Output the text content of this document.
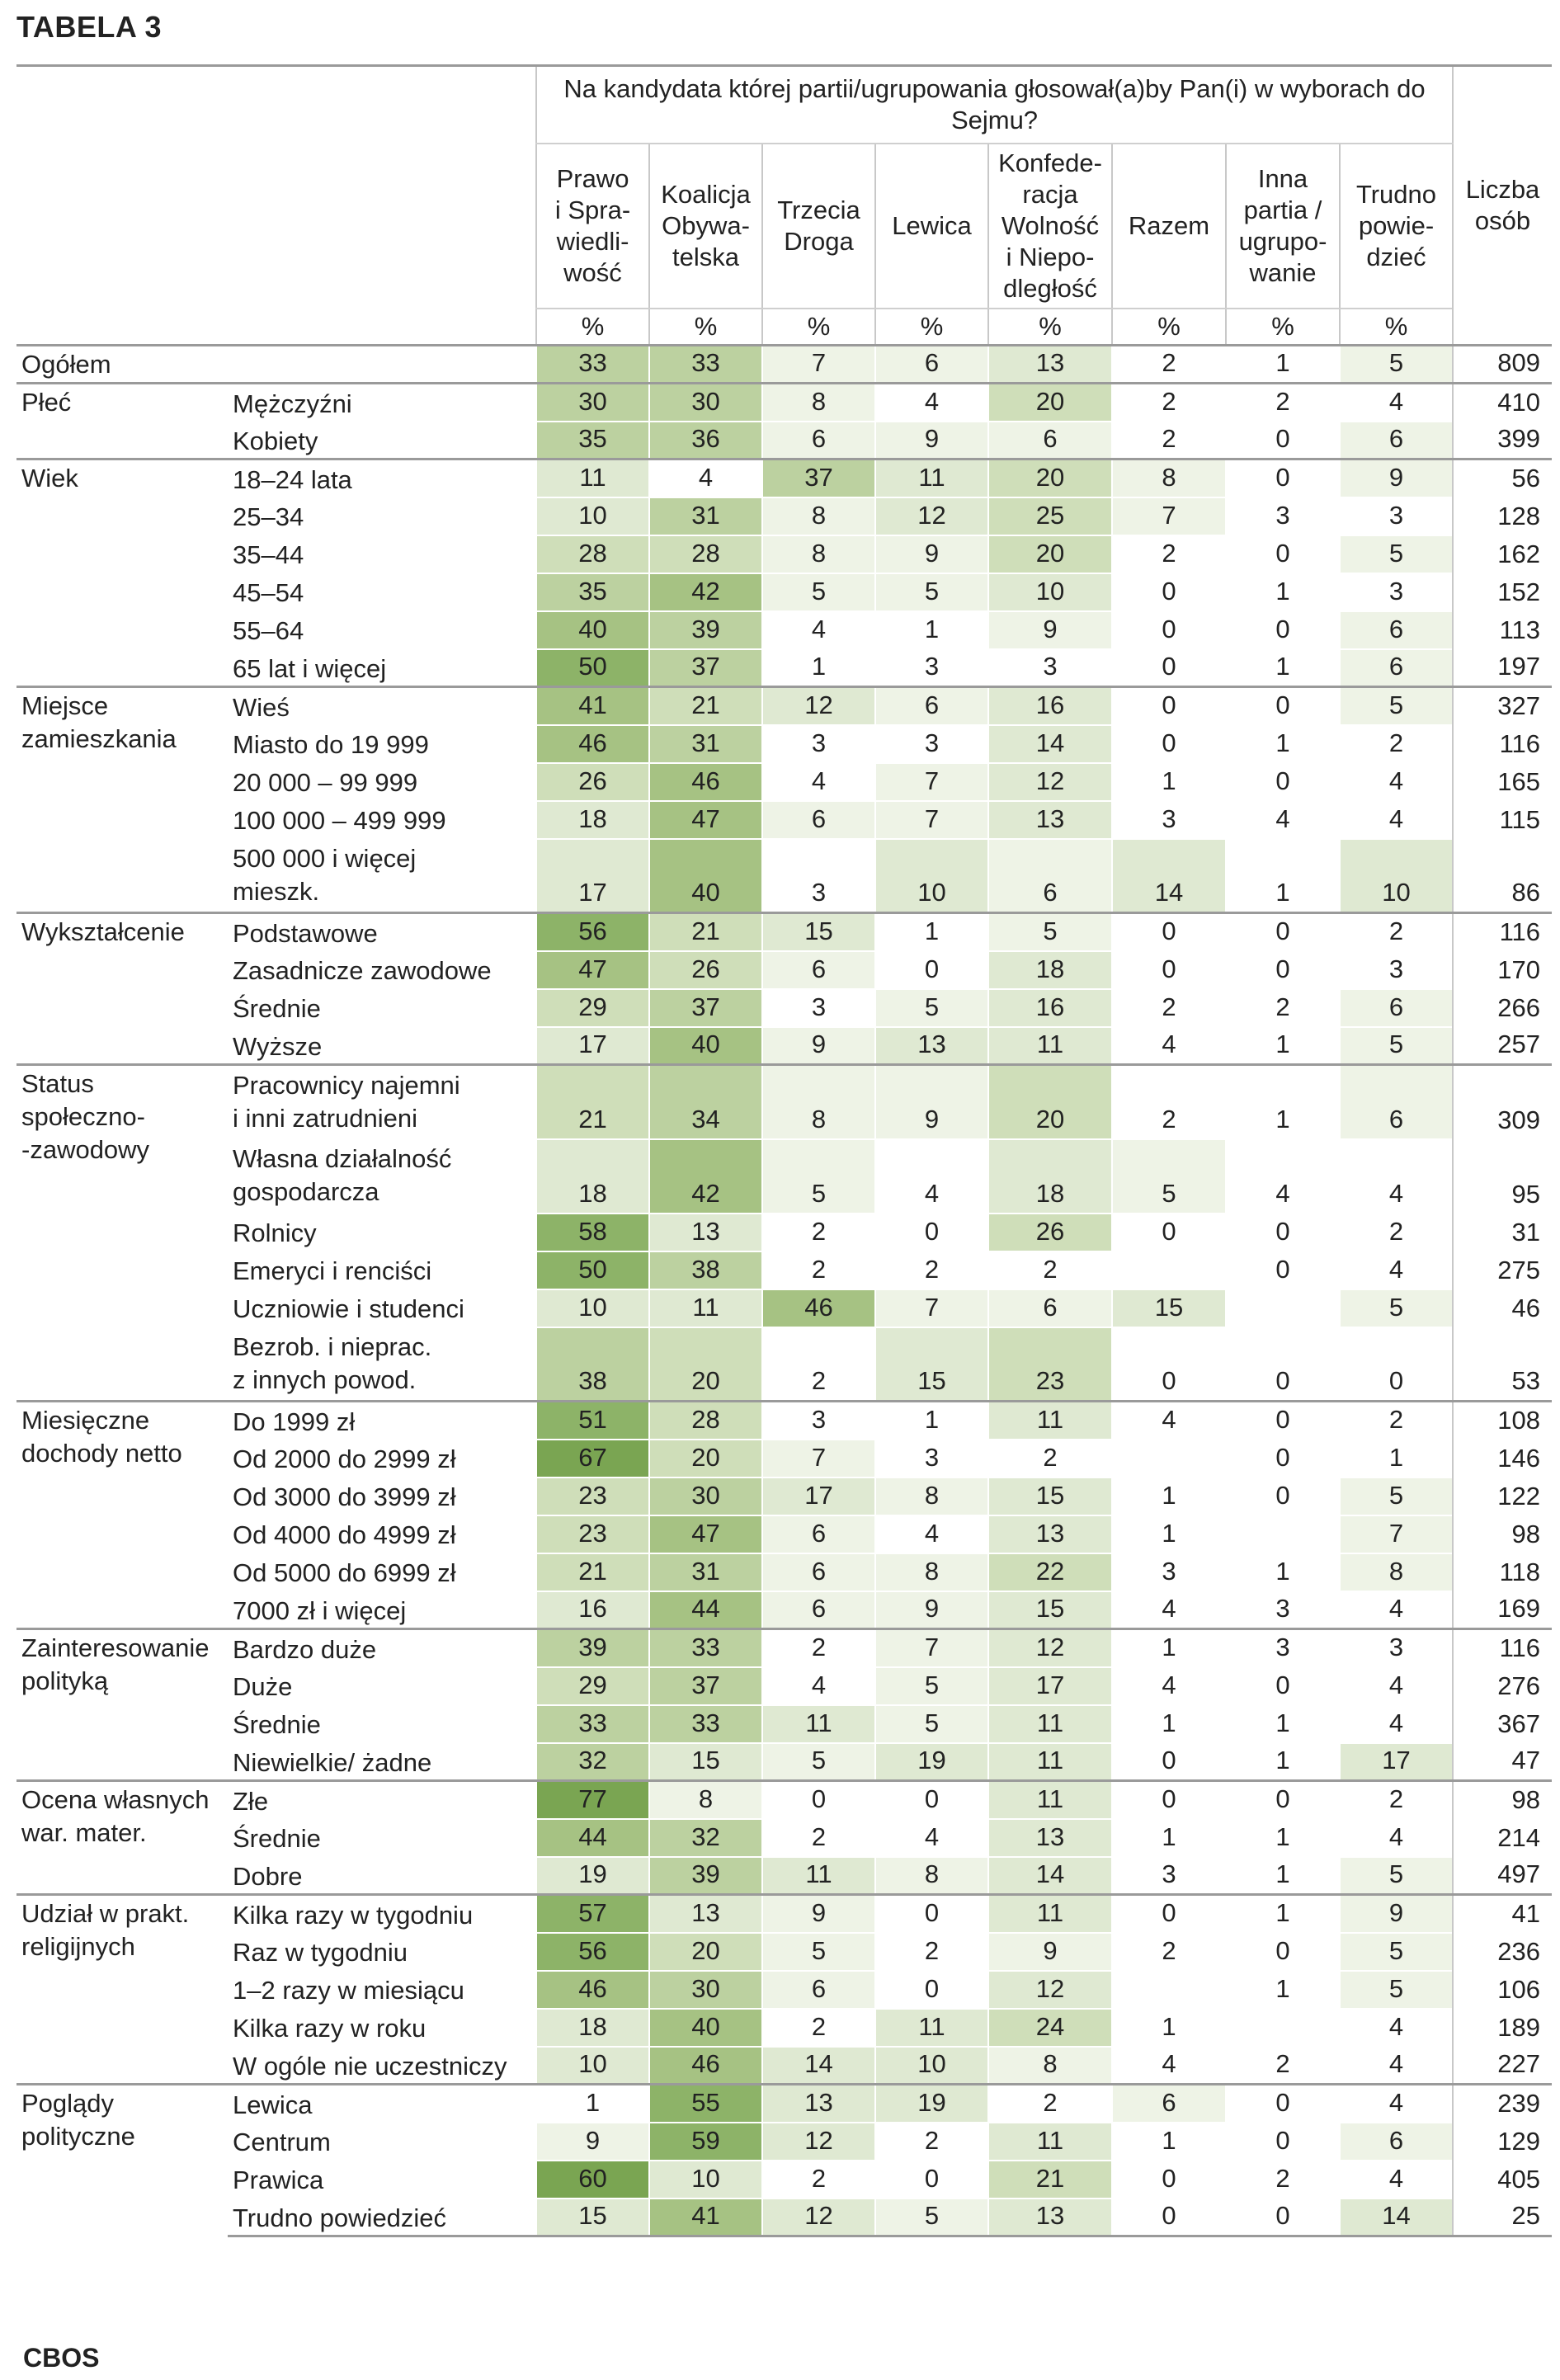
TABELA 3
		Na kandydata której partii/ugrupowania głosował(a)by Pan(i) w wyborach do Sejmu?								Liczba
osób
		Prawo
i Spra-
wiedli-
wość	Koalicja
Obywa-
telska	Trzecia
Droga	Lewica	Konfede-
racja
Wolność
i Niepo-
dległość	Razem	Inna
partia /
ugrupo-
wanie	Trudno
powie-
dzieć	
		%	%	%	%	%	%	%	%	
Ogółem		33	33	7	6	13	2	1	5	809
Płeć	Mężczyźni	30	30	8	4	20	2	2	4	410
	Kobiety	35	36	6	9	6	2	0	6	399
Wiek	18–24 lata	11	4	37	11	20	8	0	9	56
	25–34	10	31	8	12	25	7	3	3	128
	35–44	28	28	8	9	20	2	0	5	162
	45–54	35	42	5	5	10	0	1	3	152
	55–64	40	39	4	1	9	0	0	6	113
	65 lat i więcej	50	37	1	3	3	0	1	6	197
Miejsce
zamieszkania	Wieś	41	21	12	6	16	0	0	5	327
	Miasto do 19 999	46	31	3	3	14	0	1	2	116
	20 000 – 99 999	26	46	4	7	12	1	0	4	165
	100 000 – 499 999	18	47	6	7	13	3	4	4	115
	500 000 i więcej
mieszk.	17	40	3	10	6	14	1	10	86
Wykształcenie	Podstawowe	56	21	15	1	5	0	0	2	116
	Zasadnicze zawodowe	47	26	6	0	18	0	0	3	170
	Średnie	29	37	3	5	16	2	2	6	266
	Wyższe	17	40	9	13	11	4	1	5	257
Status
społeczno-
-zawodowy	Pracownicy najemni
i inni zatrudnieni	21	34	8	9	20	2	1	6	309
	Własna działalność
gospodarcza	18	42	5	4	18	5	4	4	95
	Rolnicy	58	13	2	0	26	0	0	2	31
	Emeryci i renciści	50	38	2	2	2		0	4	275
	Uczniowie i studenci	10	11	46	7	6	15		5	46
	Bezrob. i nieprac.
z innych powod.	38	20	2	15	23	0	0	0	53
Miesięczne
dochody netto	Do 1999 zł	51	28	3	1	11	4	0	2	108
	Od 2000 do 2999 zł	67	20	7	3	2		0	1	146
	Od 3000 do 3999 zł	23	30	17	8	15	1	0	5	122
	Od 4000 do 4999 zł	23	47	6	4	13	1		7	98
	Od 5000 do 6999 zł	21	31	6	8	22	3	1	8	118
	7000 zł i więcej	16	44	6	9	15	4	3	4	169
Zainteresowanie
polityką	Bardzo duże	39	33	2	7	12	1	3	3	116
	Duże	29	37	4	5	17	4	0	4	276
	Średnie	33	33	11	5	11	1	1	4	367
	Niewielkie/ żadne	32	15	5	19	11	0	1	17	47
Ocena własnych
war. mater.	Złe	77	8	0	0	11	0	0	2	98
	Średnie	44	32	2	4	13	1	1	4	214
	Dobre	19	39	11	8	14	3	1	5	497
Udział w prakt.
religijnych	Kilka razy w tygodniu	57	13	9	0	11	0	1	9	41
	Raz w tygodniu	56	20	5	2	9	2	0	5	236
	1–2 razy w miesiącu	46	30	6	0	12		1	5	106
	Kilka razy w roku	18	40	2	11	24	1		4	189
	W ogóle nie uczestniczy	10	46	14	10	8	4	2	4	227
Poglądy
polityczne	Lewica	1	55	13	19	2	6	0	4	239
	Centrum	9	59	12	2	11	1	0	6	129
	Prawica	60	10	2	0	21	0	2	4	405
	Trudno powiedzieć	15	41	12	5	13	0	0	14	25
CBOS
